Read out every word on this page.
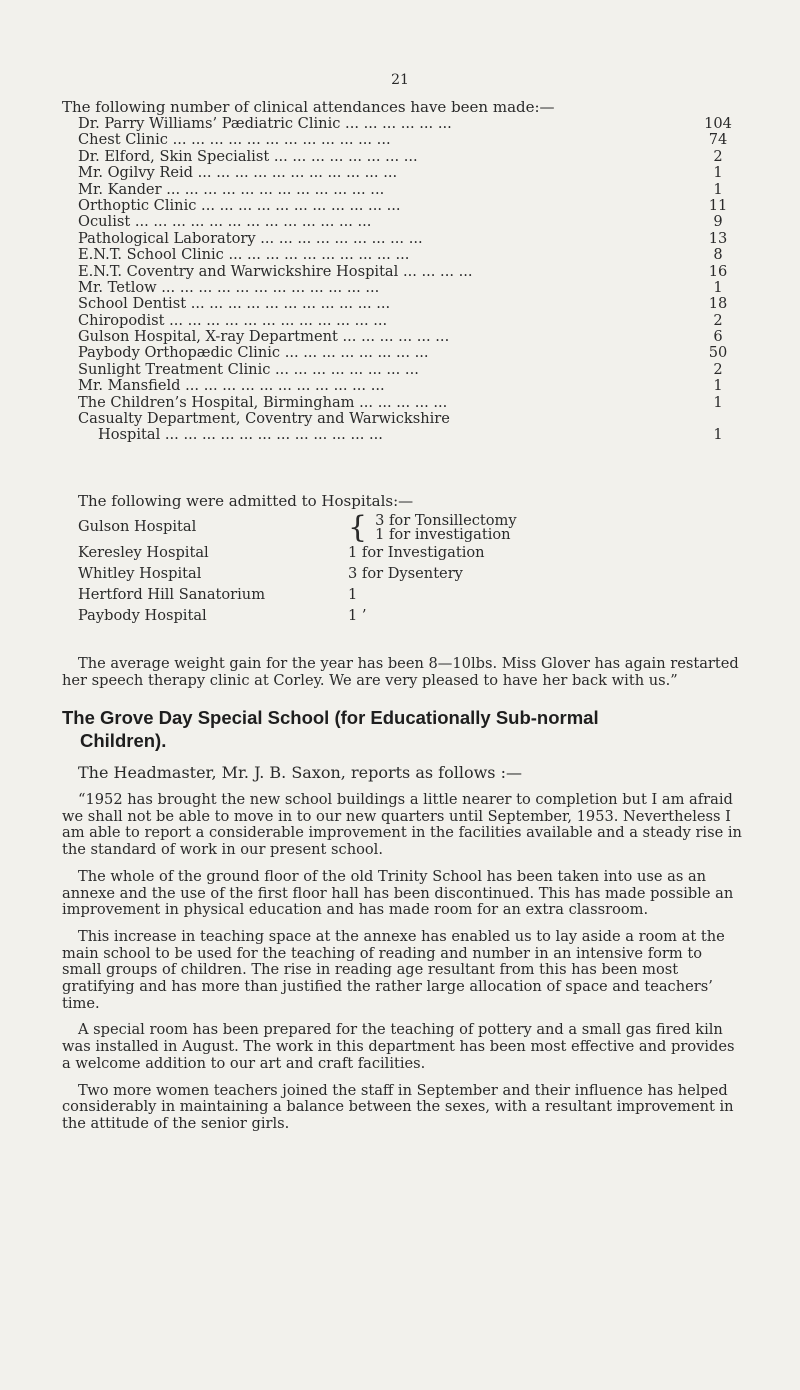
21
The following number of clinical attendances have been made:—
Dr. Parry Williams’ Pædiatric Clinic ... ... ... ... ... ...	104
Chest Clinic ... ... ... ... ... ... ... ... ... ... ... ...	74
Dr. Elford, Skin Specialist ... ... ... ... ... ... ... ...	2
Mr. Ogilvy Reid ... ... ... ... ... ... ... ... ... ... ...	1
Mr. Kander ... ... ... ... ... ... ... ... ... ... ... ...	1
Orthoptic Clinic ... ... ... ... ... ... ... ... ... ... ...	11
Oculist ... ... ... ... ... ... ... ... ... ... ... ... ...	9
Pathological Laboratory ... ... ... ... ... ... ... ... ...	13
E.N.T. School Clinic ... ... ... ... ... ... ... ... ... ...	8
E.N.T. Coventry and Warwickshire Hospital ... ... ... ...	16
Mr. Tetlow ... ... ... ... ... ... ... ... ... ... ... ...	1
School Dentist ... ... ... ... ... ... ... ... ... ... ...	18
Chiropodist ... ... ... ... ... ... ... ... ... ... ... ...	2
Gulson Hospital, X-ray Department ... ... ... ... ... ...	6
Paybody Orthopædic Clinic ... ... ... ... ... ... ... ...	50
Sunlight Treatment Clinic ... ... ... ... ... ... ... ...	2
Mr. Mansfield ... ... ... ... ... ... ... ... ... ... ...	1
The Children’s Hospital, Birmingham ... ... ... ... ...	1
Casualty Department, Coventry and Warwickshire
Hospital ... ... ... ... ... ... ... ... ... ... ... ...	1
The following were admitted to Hospitals:—
Gulson Hospital	{ 3 for Tonsillectomy
1 for investigation
Keresley Hospital	1 for Investigation
Whitley Hospital	3 for Dysentery
Hertford Hill Sanatorium	1
Paybody Hospital	1 ’
The average weight gain for the year has been 8—10lbs. Miss Glover has again restarted her speech therapy clinic at Corley. We are very pleased to have her back with us.”
The Grove Day Special School (for Educationally Sub-normal
Children).
The Headmaster, Mr. J. B. Saxon, reports as follows :—

“1952 has brought the new school buildings a little nearer to completion but I am afraid we shall not be able to move in to our new quarters until September, 1953. Nevertheless I am able to report a considerable improvement in the facilities available and a steady rise in the standard of work in our present school.

The whole of the ground floor of the old Trinity School has been taken into use as an annexe and the use of the first floor hall has been discontinued. This has made possible an improvement in physical education and has made room for an extra classroom.

This increase in teaching space at the annexe has enabled us to lay aside a room at the main school to be used for the teaching of reading and number in an intensive form to small groups of children. The rise in reading age resultant from this has been most gratifying and has more than justified the rather large allocation of space and teachers’ time.

A special room has been prepared for the teaching of pottery and a small gas fired kiln was installed in August. The work in this department has been most effective and provides a welcome addition to our art and craft facilities.

Two more women teachers joined the staff in September and their influence has helped considerably in maintaining a balance between the sexes, with a resultant improvement in the attitude of the senior girls.
